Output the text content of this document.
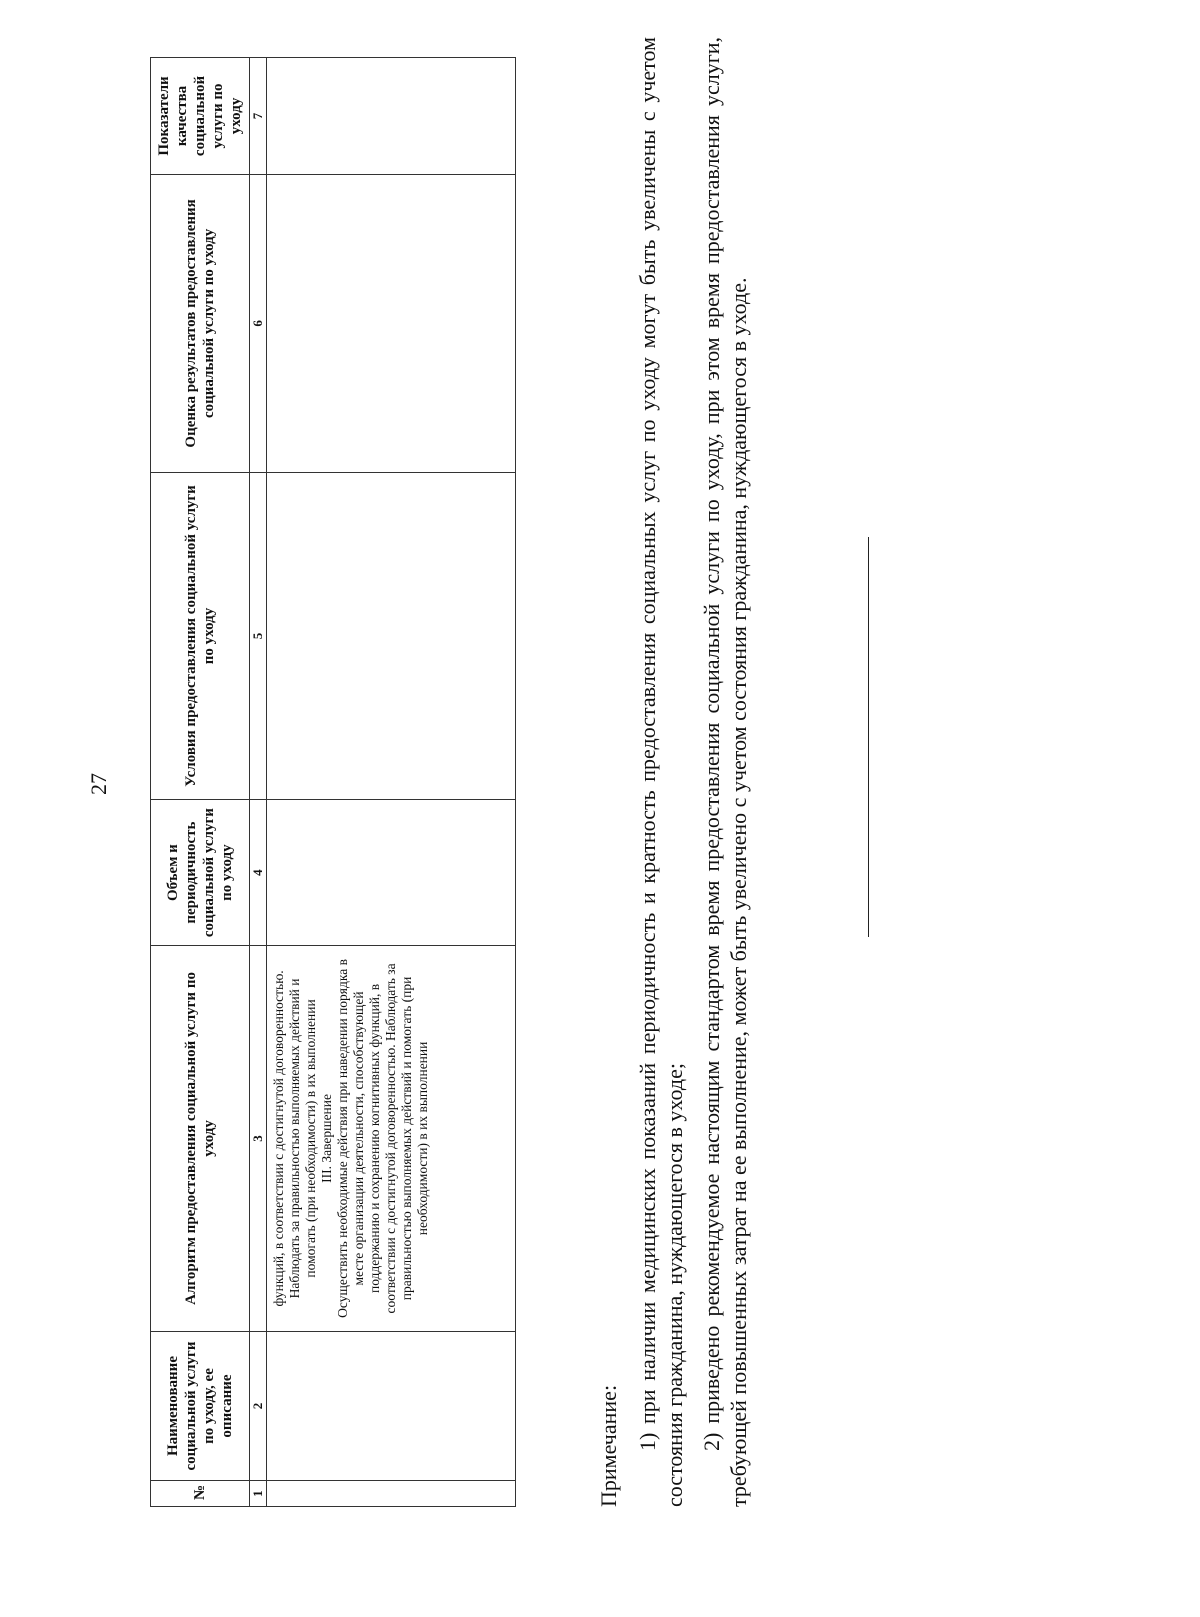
27
№	Наименование социальной услуги по уходу, ее описание	Алгоритм предоставления социальной услуги по уходу	Объем и периодичность социальной услуги по уходу	Условия предоставления социальной услуги по уходу	Оценка результатов предоставления социальной услуги по уходу	Показатели качества социальной услуги по уходу
1	2	3	4	5	6	7
		функций, в соответствии с достигнутой договоренностью. Наблюдать за правильностью выполняемых действий и помогать (при необходимости) в их выполнении
III. Завершение
Осуществить необходимые действия при наведении порядка в месте организации деятельности, способствующей поддержанию и сохранению когнитивных функций, в соответствии с достигнутой договоренностью. Наблюдать за правильностью выполняемых действий и помогать (при необходимости) в их выполнении				

Примечание: 1) при наличии медицинских показаний периодичность и кратность предоставления социальных услуг по уходу могут быть увеличены с учетом состояния гражданина, нуждающегося в уходе; 2) приведено рекомендуемое настоящим стандартом время предоставления социальной услуги по уходу, при этом время предоставления услуги, требующей повышенных затрат на ее выполнение, может быть увеличено с учетом состояния гражданина, нуждающегося в уходе.
